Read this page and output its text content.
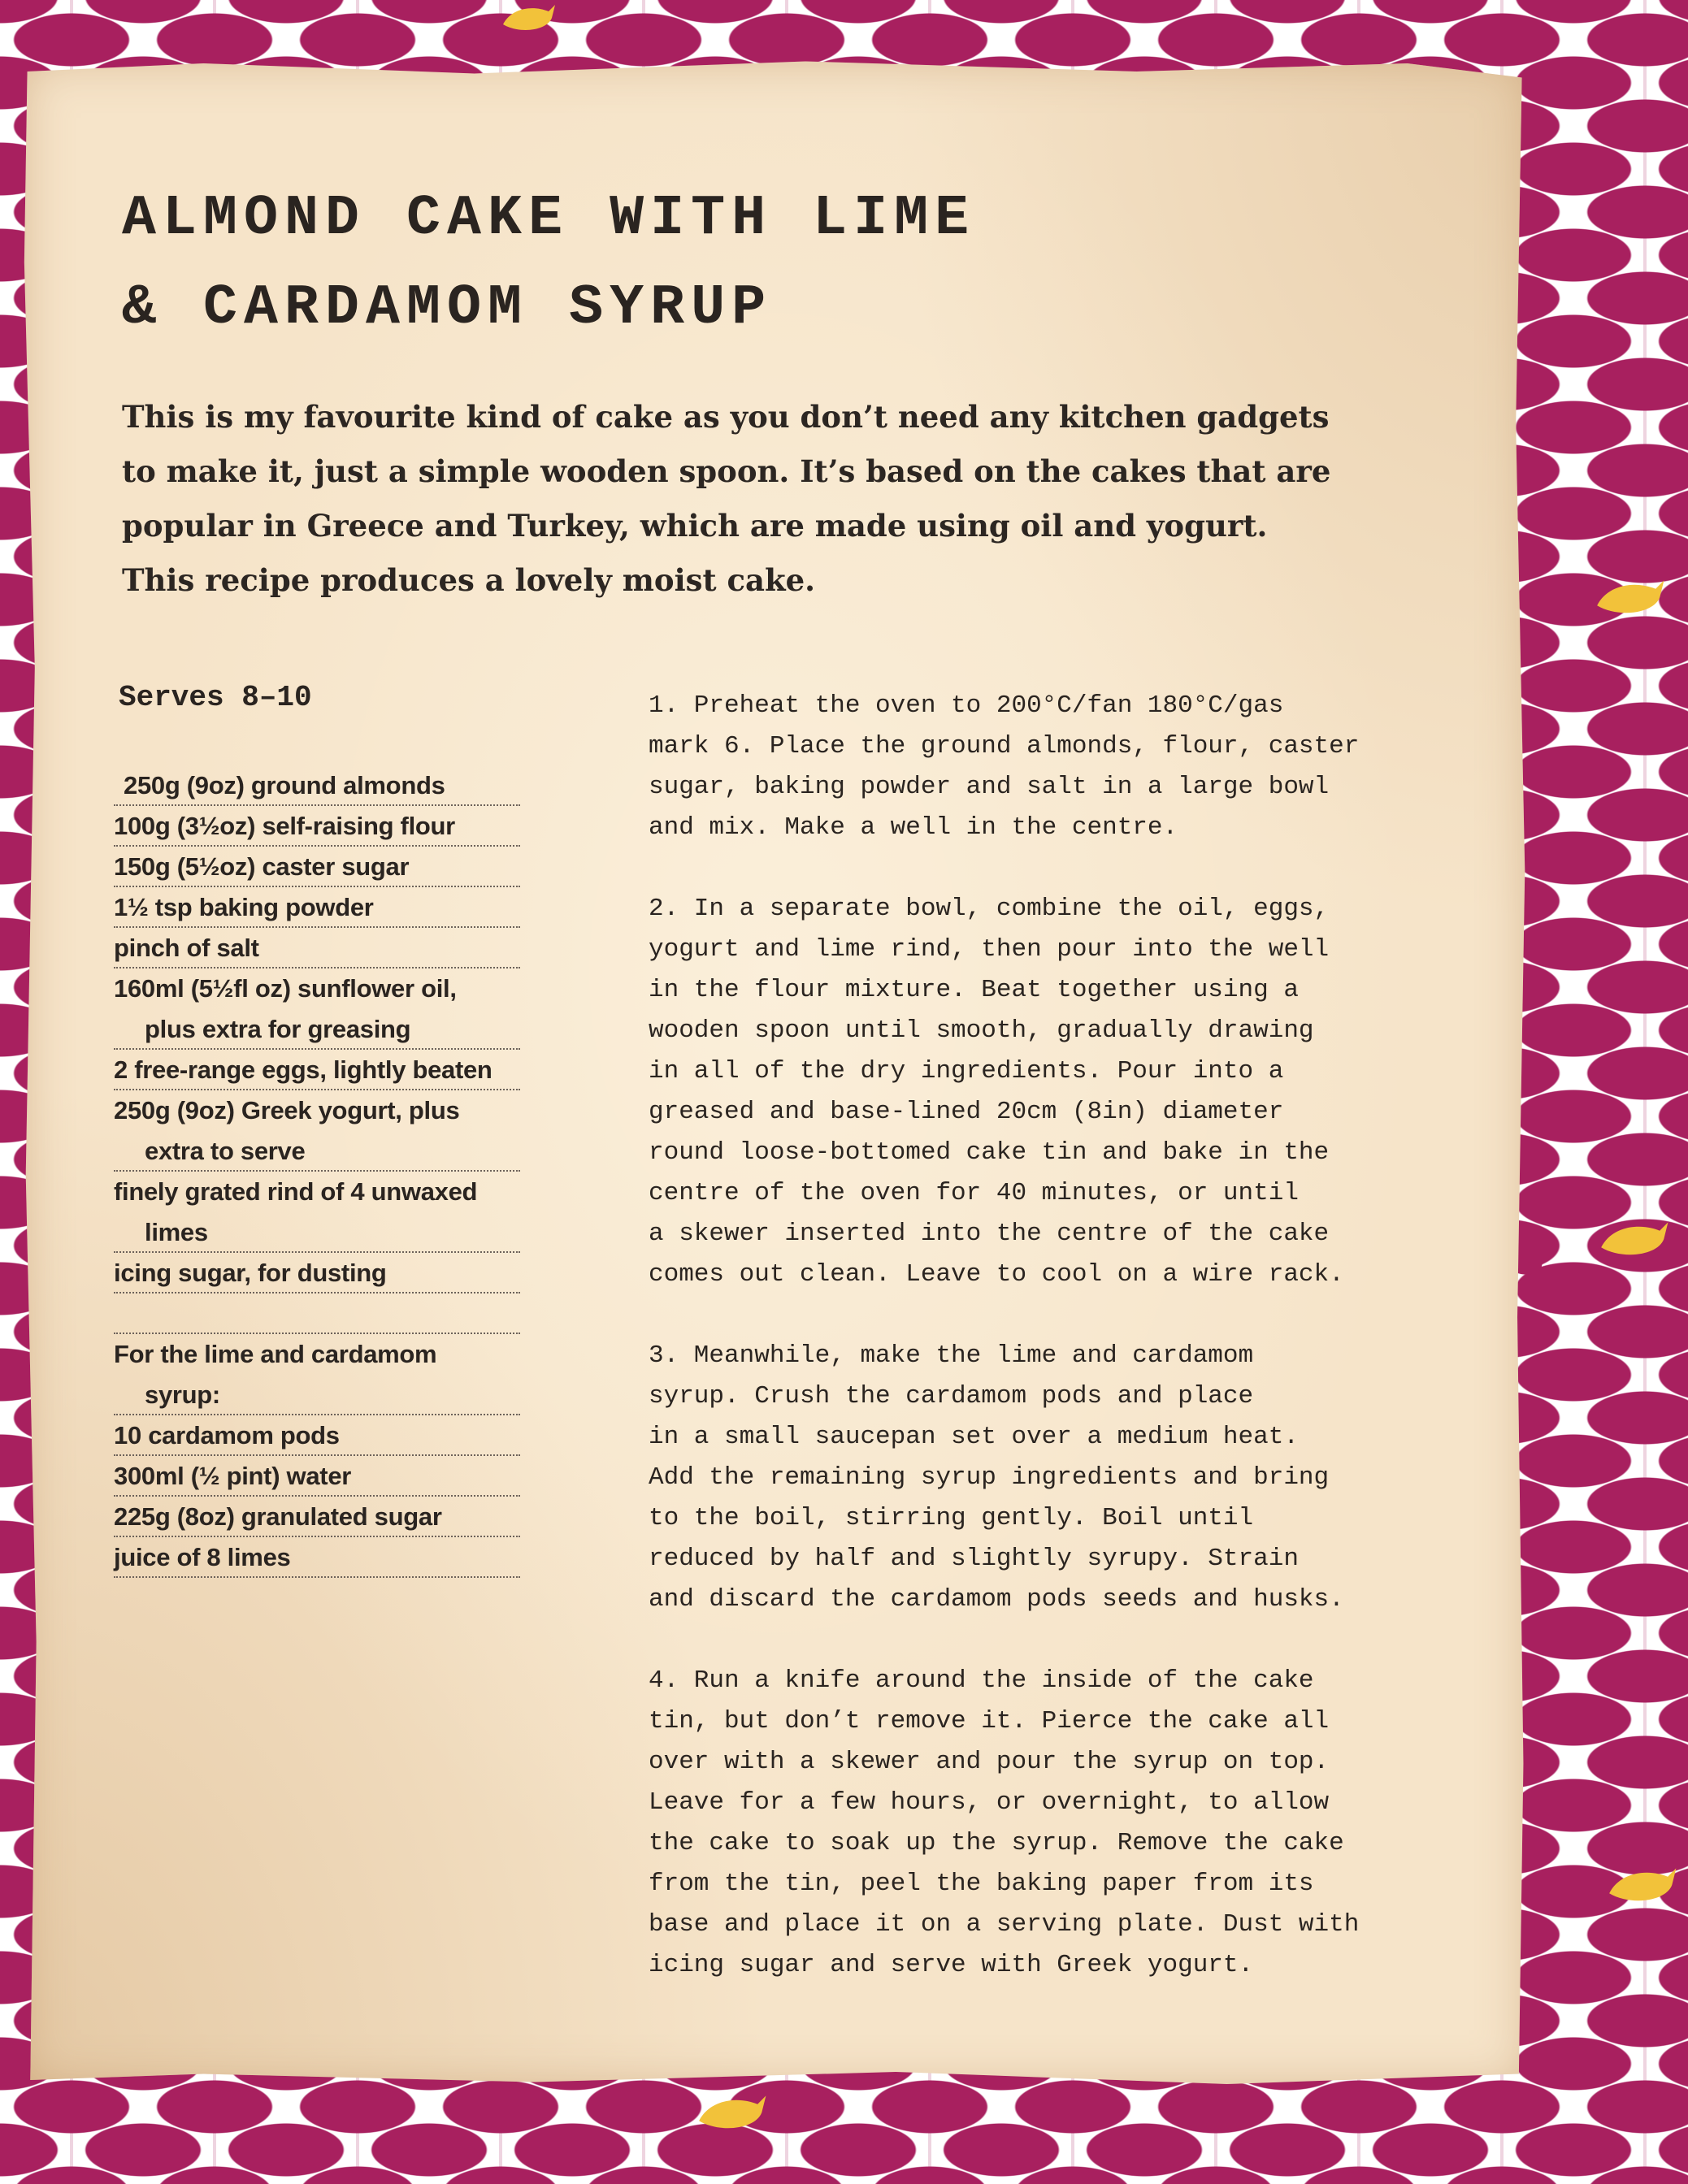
ALMOND CAKE WITH LIME
& CARDAMOM SYRUP
This is my favourite kind of cake as you don’t need any kitchen gadgets
to make it, just a simple wooden spoon. It’s based on the cakes that are
popular in Greece and Turkey, which are made using oil and yogurt.
This recipe produces a lovely moist cake.
Serves 8–10
250g (9oz) ground almonds
100g (3½oz) self-raising flour
150g (5½oz) caster sugar
1½ tsp baking powder
pinch of salt
160ml (5½fl oz) sunflower oil,
plus extra for greasing
2 free-range eggs, lightly beaten
250g (9oz) Greek yogurt, plus
extra to serve
finely grated rind of 4 unwaxed
limes
icing sugar, for dusting
For the lime and cardamom
syrup:
10 cardamom pods
300ml (½ pint) water
225g (8oz) granulated sugar
juice of 8 limes
1. Preheat the oven to 200°C/fan 180°C/gas
mark 6. Place the ground almonds, flour, caster
sugar, baking powder and salt in a large bowl
and mix. Make a well in the centre.
2. In a separate bowl, combine the oil, eggs,
yogurt and lime rind, then pour into the well
in the flour mixture. Beat together using a
wooden spoon until smooth, gradually drawing
in all of the dry ingredients. Pour into a
greased and base-lined 20cm (8in) diameter
round loose-bottomed cake tin and bake in the
centre of the oven for 40 minutes, or until
a skewer inserted into the centre of the cake
comes out clean. Leave to cool on a wire rack.
3. Meanwhile, make the lime and cardamom
syrup. Crush the cardamom pods and place
in a small saucepan set over a medium heat.
Add the remaining syrup ingredients and bring
to the boil, stirring gently. Boil until
reduced by half and slightly syrupy. Strain
and discard the cardamom pods seeds and husks.
4. Run a knife around the inside of the cake
tin, but don’t remove it. Pierce the cake all
over with a skewer and pour the syrup on top.
Leave for a few hours, or overnight, to allow
the cake to soak up the syrup. Remove the cake
from the tin, peel the baking paper from its
base and place it on a serving plate. Dust with
icing sugar and serve with Greek yogurt.
